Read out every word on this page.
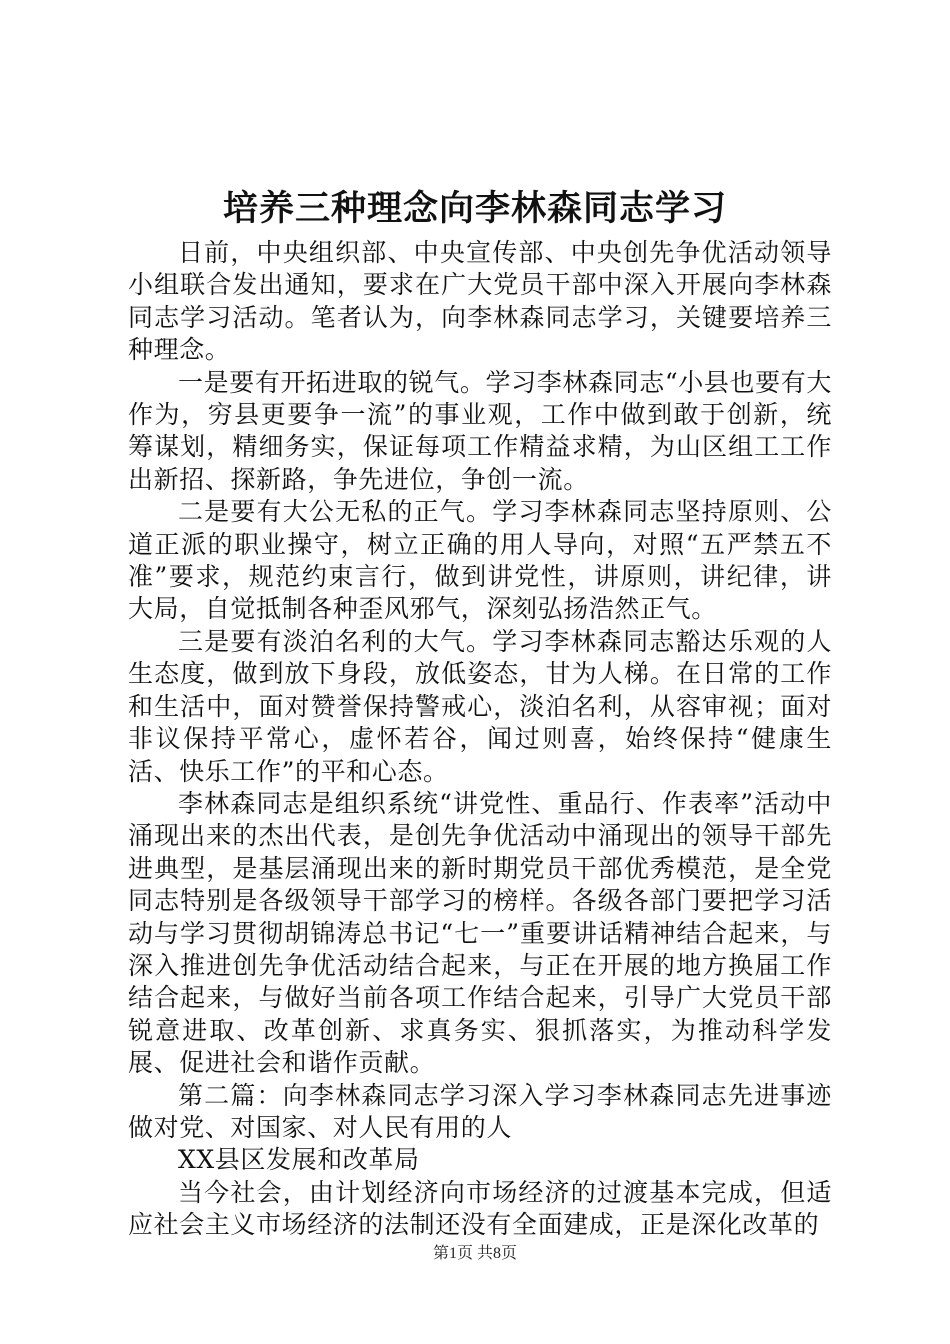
培养三种理念向李林森同志学习

日前，中央组织部、中央宣传部、中央创先争优活动领导小组联合发出通知，要求在广大党员干部中深入开展向李林森同志学习活动。笔者认为，向李林森同志学习，关键要培养三种理念。

一是要有开拓进取的锐气。学习李林森同志“小县也要有大作为，穷县更要争一流”的事业观，工作中做到敢于创新，统筹谋划，精细务实，保证每项工作精益求精，为山区组工工作出新招、探新路，争先进位，争创一流。

二是要有大公无私的正气。学习李林森同志坚持原则、公道正派的职业操守，树立正确的用人导向，对照“五严禁五不准”要求，规范约束言行，做到讲党性，讲原则，讲纪律，讲大局，自觉抵制各种歪风邪气，深刻弘扬浩然正气。

三是要有淡泊名利的大气。学习李林森同志豁达乐观的人生态度，做到放下身段，放低姿态，甘为人梯。在日常的工作和生活中，面对赞誉保持警戒心，淡泊名利，从容审视；面对非议保持平常心，虚怀若谷，闻过则喜，始终保持“健康生活、快乐工作”的平和心态。

李林森同志是组织系统“讲党性、重品行、作表率”活动中涌现出来的杰出代表，是创先争优活动中涌现出的领导干部先进典型，是基层涌现出来的新时期党员干部优秀模范，是全党同志特别是各级领导干部学习的榜样。各级各部门要把学习活动与学习贯彻胡锦涛总书记“七一”重要讲话精神结合起来，与深入推进创先争优活动结合起来，与正在开展的地方换届工作结合起来，与做好当前各项工作结合起来，引导广大党员干部锐意进取、改革创新、求真务实、狠抓落实，为推动科学发展、促进社会和谐作贡献。

第二篇：向李林森同志学习深入学习李林森同志先进事迹做对党、对国家、对人民有用的人

XX县区发展和改革局

当今社会，由计划经济向市场经济的过渡基本完成，但适应社会主义市场经济的法制还没有全面建成，正是深化改革的

第1页 共8页
